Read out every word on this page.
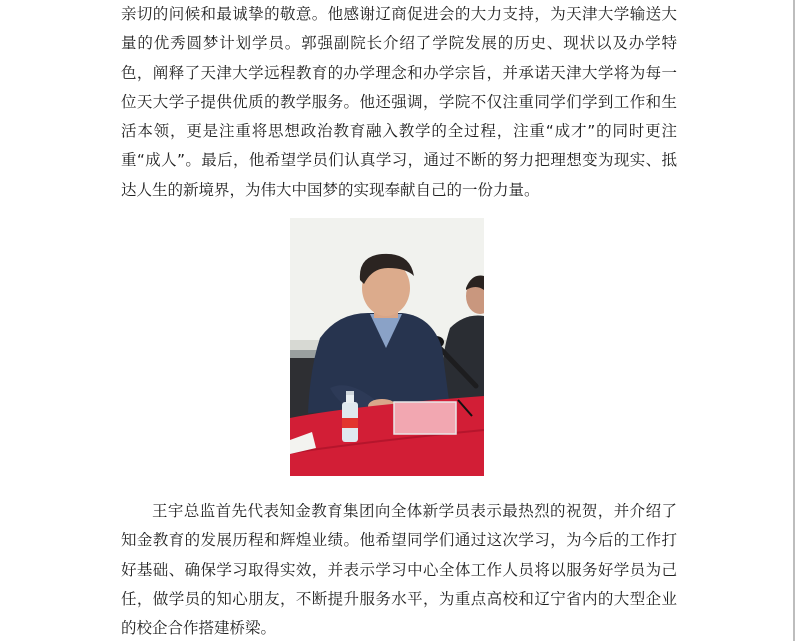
亲切的问候和最诚挚的敬意。他感谢辽商促进会的大力支持，为天津大学输送大量的优秀圆梦计划学员。郭强副院长介绍了学院发展的历史、现状以及办学特色，阐释了天津大学远程教育的办学理念和办学宗旨，并承诺天津大学将为每一位天大学子提供优质的教学服务。他还强调，学院不仅注重同学们学到工作和生活本领，更是注重将思想政治教育融入教学的全过程，注重“成才”的同时更注重“成人”。最后，他希望学员们认真学习，通过不断的努力把理想变为现实、抵达人生的新境界，为伟大中国梦的实现奉献自己的一份力量。

王宇总监首先代表知金教育集团向全体新学员表示最热烈的祝贺，并介绍了知金教育的发展历程和辉煌业绩。他希望同学们通过这次学习，为今后的工作打好基础、确保学习取得实效，并表示学习中心全体工作人员将以服务好学员为己任，做学员的知心朋友，不断提升服务水平，为重点高校和辽宁省内的大型企业的校企合作搭建桥梁。
